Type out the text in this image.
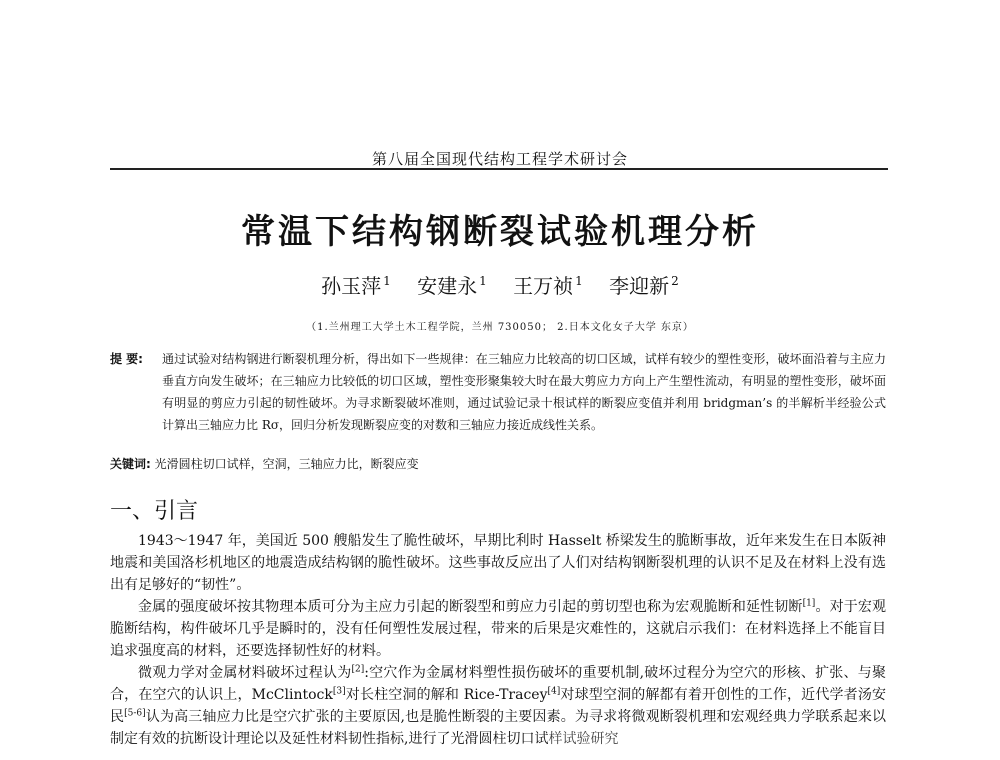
第八届全国现代结构工程学术研讨会
常温下结构钢断裂试验机理分析
孙玉萍 $^1$ 安建永 $^1$ 王万祯 $^1$ 李迎新 $^2$
（1.兰州理工大学土木工程学院，兰州 730050； 2.日本文化女子大学 东京）
提 要: 通过试验对结构钢进行断裂机理分析，得出如下一些规律：在三轴应力比较高的切口区域，试样有较少的塑性变形，破坏面沿着与主应力垂直方向发生破坏；在三轴应力比较低的切口区域，塑性变形聚集较大时在最大剪应力方向上产生塑性流动，有明显的塑性变形，破坏面有明显的剪应力引起的韧性破坏。为寻求断裂破坏准则，通过试验记录十根试样的断裂应变值并利用 bridgman’s 的半解析半经验公式计算出三轴应力比 Rσ，回归分析发现断裂应变的对数和三轴应力接近成线性关系。
关键词: 光滑圆柱切口试样，空洞，三轴应力比，断裂应变
一、引言

1943～1947 年，美国近 500 艘船发生了脆性破坏，早期比利时 Hasselt 桥梁发生的脆断事故，近年来发生在日本阪神地震和美国洛杉机地区的地震造成结构钢的脆性破坏。这些事故反应出了人们对结构钢断裂机理的认识不足及在材料上没有选出有足够好的“韧性”。

金属的强度破坏按其物理本质可分为主应力引起的断裂型和剪应力引起的剪切型也称为宏观脆断和延性韧断[1]。对于宏观脆断结构，构件破坏几乎是瞬时的，没有任何塑性发展过程，带来的后果是灾难性的，这就启示我们：在材料选择上不能盲目追求强度高的材料，还要选择韧性好的材料。

微观力学对金属材料破坏过程认为[2]:空穴作为金属材料塑性损伤破坏的重要机制,破坏过程分为空穴的形核、扩张、与聚合，在空穴的认识上，McClintock[3]对长柱空洞的解和 Rice-Tracey[4]对球型空洞的解都有着开创性的工作，近代学者汤安民[5-6]认为高三轴应力比是空穴扩张的主要原因,也是脆性断裂的主要因素。为寻求将微观断裂机理和宏观经典力学联系起来以制定有效的抗断设计理论以及延性材料韧性指标,进行了光滑圆柱切口试样试验研究
